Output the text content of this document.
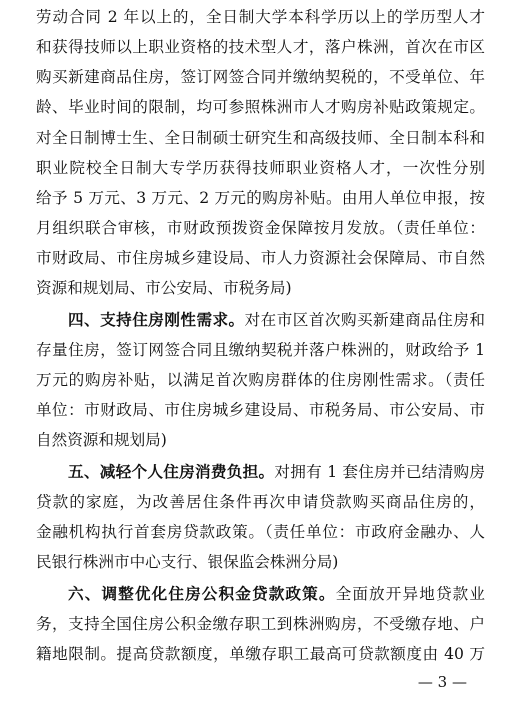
劳动合同 2 年以上的，全日制大学本科学历以上的学历型人才
和获得技师以上职业资格的技术型人才，落户株洲，首次在市区
购买新建商品住房，签订网签合同并缴纳契税的，不受单位、年
龄、毕业时间的限制，均可参照株洲市人才购房补贴政策规定。
对全日制博士生、全日制硕士研究生和高级技师、全日制本科和
职业院校全日制大专学历获得技师职业资格人才，一次性分别
给予 5 万元、3 万元、2 万元的购房补贴。由用人单位申报，按
月组织联合审核，市财政预拨资金保障按月发放。（责任单位：
市财政局、市住房城乡建设局、市人力资源社会保障局、市自然
资源和规划局、市公安局、市税务局)
四、支持住房刚性需求。对在市区首次购买新建商品住房和
存量住房，签订网签合同且缴纳契税并落户株洲的，财政给予 1
万元的购房补贴，以满足首次购房群体的住房刚性需求。（责任
单位：市财政局、市住房城乡建设局、市税务局、市公安局、市
自然资源和规划局)
五、减轻个人住房消费负担。对拥有 1 套住房并已结清购房
贷款的家庭，为改善居住条件再次申请贷款购买商品住房的，
金融机构执行首套房贷款政策。（责任单位：市政府金融办、人
民银行株洲市中心支行、银保监会株洲分局)
六、调整优化住房公积金贷款政策。全面放开异地贷款业
务，支持全国住房公积金缴存职工到株洲购房，不受缴存地、户
籍地限制。提高贷款额度，单缴存职工最高可贷款额度由 40 万
— 3 —
